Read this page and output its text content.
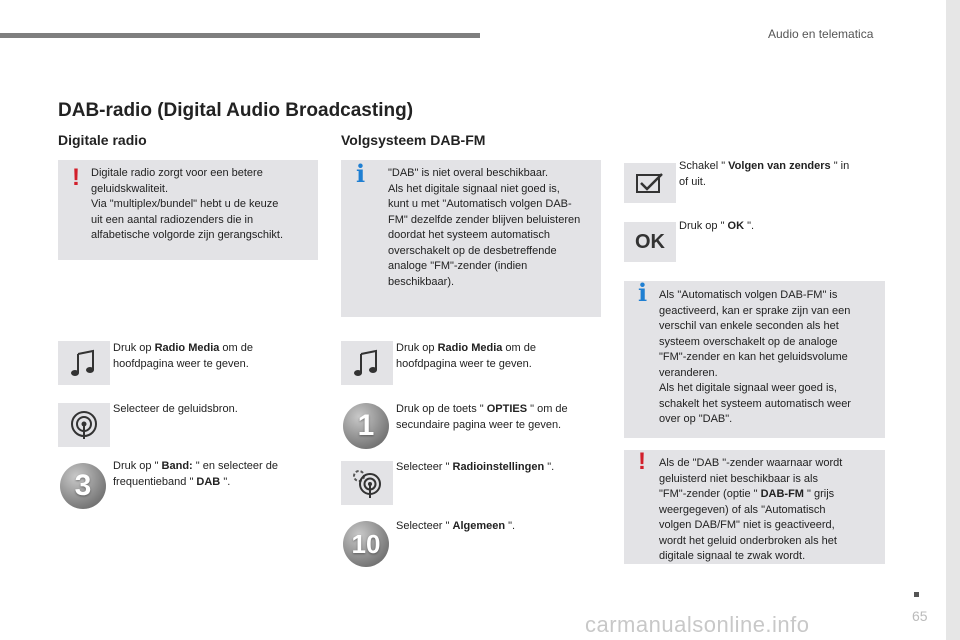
Audio en telematica
DAB-radio (Digital Audio Broadcasting)
Digitale radio	Volgsysteem DAB-FM
! Digitale radio zorgt voor een betere
geluidskwaliteit.
Via "multiplex/bundel" hebt u de keuze
uit een aantal radiozenders die in
alfabetische volgorde zijn gerangschikt.
i "DAB" is niet overal beschikbaar.
Als het digitale signaal niet goed is,
kunt u met "Automatisch volgen DAB-
FM" dezelfde zender blijven beluisteren
doordat het systeem automatisch
overschakelt op de desbetreffende
analoge "FM"-zender (indien
beschikbaar).
Schakel " Volgen van zenders " in
of uit.
OK
Druk op " OK ".
i Als "Automatisch volgen DAB-FM" is
geactiveerd, kan er sprake zijn van een
verschil van enkele seconden als het
systeem overschakelt op de analoge
"FM"-zender en kan het geluidsvolume
veranderen.
Als het digitale signaal weer goed is,
schakelt het systeem automatisch weer
over op "DAB".
! Als de "DAB "-zender waarnaar wordt
geluisterd niet beschikbaar is als
"FM"-zender (optie " DAB-FM " grijs
weergegeven) of als "Automatisch
volgen DAB/FM" niet is geactiveerd,
wordt het geluid onderbroken als het
digitale signaal te zwak wordt.
Druk op Radio Media om de
hoofdpagina weer te geven.
Selecteer de geluidsbron.
3
Druk op " Band: " en selecteer de
frequentieband " DAB ".
Druk op Radio Media om de
hoofdpagina weer te geven.
1	Druk op de toets " OPTIES " om de
secundaire pagina weer te geven.
Selecteer " Radioinstellingen ".
10
Selecteer " Algemeen ".
65
carmanualsonline.info
